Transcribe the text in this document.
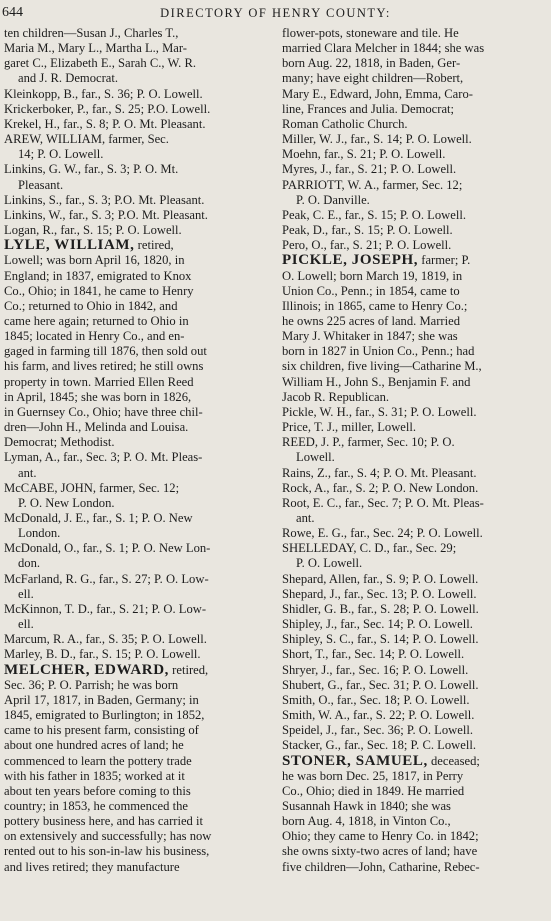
644	DIRECTORY OF HENRY COUNTY:
ten children—Susan J., Charles T.,
Maria M., Mary L., Martha L., Mar-
garet C., Elizabeth E., Sarah C., W. R.
and J. R. Democrat.
Kleinkopp, B., far., S. 36; P. O. Lowell.
Krickerboker, P., far., S. 25; P.O. Lowell.
Krekel, H., far., S. 8; P. O. Mt. Pleasant.
AREW, WILLIAM, farmer, Sec.
14; P. O. Lowell.
Linkins, G. W., far., S. 3; P. O. Mt.
Pleasant.
Linkins, S., far., S. 3; P.O. Mt. Pleasant.
Linkins, W., far., S. 3; P.O. Mt. Pleasant.
Logan, R., far., S. 15; P. O. Lowell.
LYLE, WILLIAM, retired,
Lowell; was born April 16, 1820, in
England; in 1837, emigrated to Knox
Co., Ohio; in 1841, he came to Henry
Co.; returned to Ohio in 1842, and
came here again; returned to Ohio in
1845; located in Henry Co., and en-
gaged in farming till 1876, then sold out
his farm, and lives retired; he still owns
property in town. Married Ellen Reed
in April, 1845; she was born in 1826,
in Guernsey Co., Ohio; have three chil-
dren—John H., Melinda and Louisa.
Democrat; Methodist.
Lyman, A., far., Sec. 3; P. O. Mt. Pleas-
ant.
McCABE, JOHN, farmer, Sec. 12;
P. O. New London.
McDonald, J. E., far., S. 1; P. O. New
London.
McDonald, O., far., S. 1; P. O. New Lon-
don.
McFarland, R. G., far., S. 27; P. O. Low-
ell.
McKinnon, T. D., far., S. 21; P. O. Low-
ell.
Marcum, R. A., far., S. 35; P. O. Lowell.
Marley, B. D., far., S. 15; P. O. Lowell.
MELCHER, EDWARD, retired,
Sec. 36; P. O. Parrish; he was born
April 17, 1817, in Baden, Germany; in
1845, emigrated to Burlington; in 1852,
came to his present farm, consisting of
about one hundred acres of land; he
commenced to learn the pottery trade
with his father in 1835; worked at it
about ten years before coming to this
country; in 1853, he commenced the
pottery business here, and has carried it
on extensively and successfully; has now
rented out to his son-in-law his business,
and lives retired; they manufacture
flower-pots, stoneware and tile. He
married Clara Melcher in 1844; she was
born Aug. 22, 1818, in Baden, Ger-
many; have eight children—Robert,
Mary E., Edward, John, Emma, Caro-
line, Frances and Julia. Democrat;
Roman Catholic Church.
Miller, W. J., far., S. 14; P. O. Lowell.
Moehn, far., S. 21; P. O. Lowell.
Myres, J., far., S. 21; P. O. Lowell.
PARRIOTT, W. A., farmer, Sec. 12;
P. O. Danville.
Peak, C. E., far., S. 15; P. O. Lowell.
Peak, D., far., S. 15; P. O. Lowell.
Pero, O., far., S. 21; P. O. Lowell.
PICKLE, JOSEPH, farmer; P.
O. Lowell; born March 19, 1819, in
Union Co., Penn.; in 1854, came to
Illinois; in 1865, came to Henry Co.;
he owns 225 acres of land. Married
Mary J. Whitaker in 1847; she was
born in 1827 in Union Co., Penn.; had
six children, five living—Catharine M.,
William H., John S., Benjamin F. and
Jacob R. Republican.
Pickle, W. H., far., S. 31; P. O. Lowell.
Price, T. J., miller, Lowell.
REED, J. P., farmer, Sec. 10; P. O.
Lowell.
Rains, Z., far., S. 4; P. O. Mt. Pleasant.
Rock, A., far., S. 2; P. O. New London.
Root, E. C., far., Sec. 7; P. O. Mt. Pleas-
ant.
Rowe, E. G., far., Sec. 24; P. O. Lowell.
SHELLEDAY, C. D., far., Sec. 29;
P. O. Lowell.
Shepard, Allen, far., S. 9; P. O. Lowell.
Shepard, J., far., Sec. 13; P. O. Lowell.
Shidler, G. B., far., S. 28; P. O. Lowell.
Shipley, J., far., Sec. 14; P. O. Lowell.
Shipley, S. C., far., S. 14; P. O. Lowell.
Short, T., far., Sec. 14; P. O. Lowell.
Shryer, J., far., Sec. 16; P. O. Lowell.
Shubert, G., far., Sec. 31; P. O. Lowell.
Smith, O., far., Sec. 18; P. O. Lowell.
Smith, W. A., far., S. 22; P. O. Lowell.
Speidel, J., far., Sec. 36; P. O. Lowell.
Stacker, G., far., Sec. 18; P. C. Lowell.
STONER, SAMUEL, deceased;
he was born Dec. 25, 1817, in Perry
Co., Ohio; died in 1849. He married
Susannah Hawk in 1840; she was
born Aug. 4, 1818, in Vinton Co.,
Ohio; they came to Henry Co. in 1842;
she owns sixty-two acres of land; have
five children—John, Catharine, Rebec-
